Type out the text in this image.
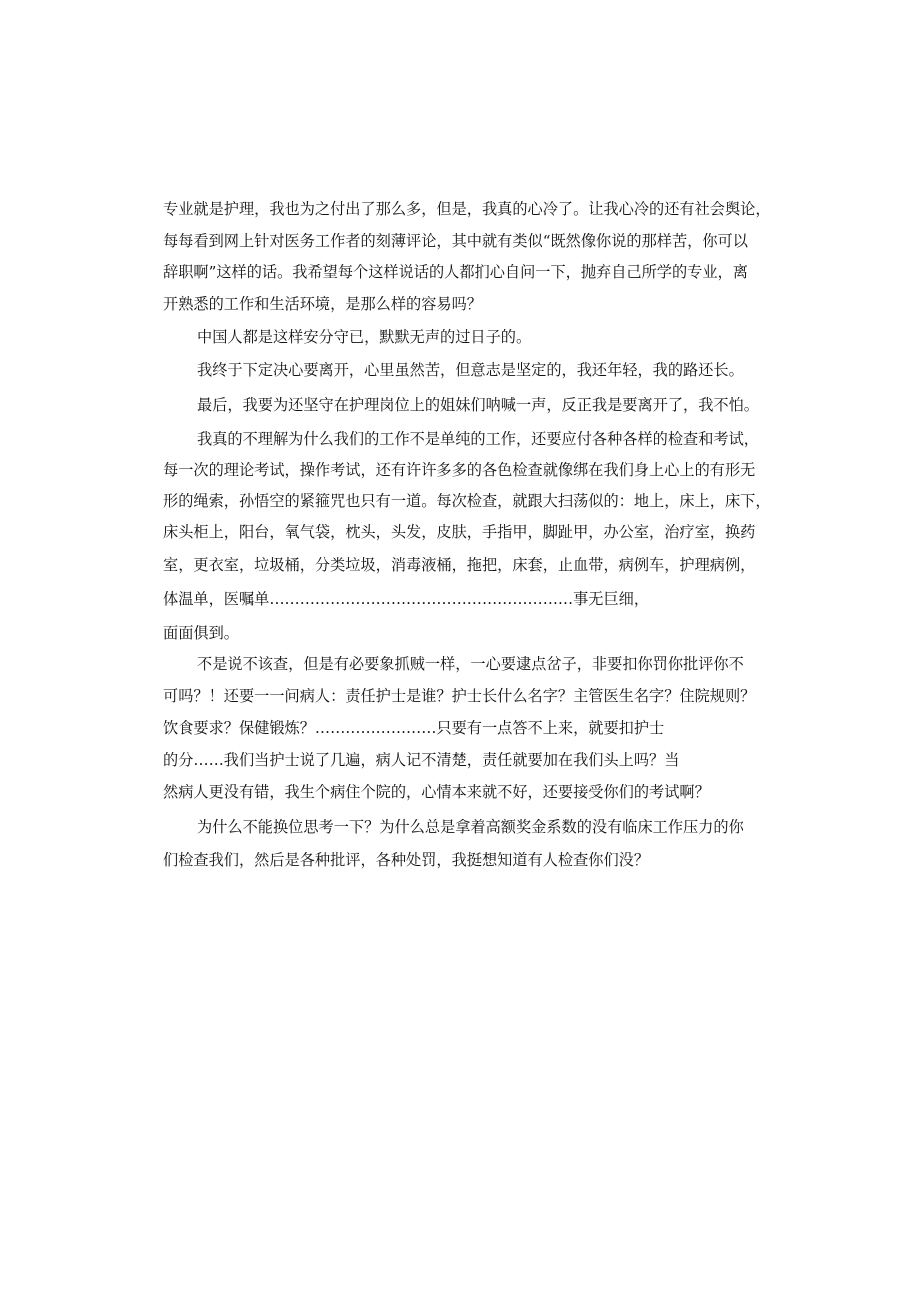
专业就是护理，我也为之付出了那么多，但是，我真的心冷了。让我心冷的还有社会舆论，
每每看到网上针对医务工作者的刻薄评论，其中就有类似“既然像你说的那样苦，你可以
辞职啊”这样的话。我希望每个这样说话的人都扪心自问一下，抛弃自己所学的专业，离
开熟悉的工作和生活环境，是那么样的容易吗？
中国人都是这样安分守已，默默无声的过日子的。
我终于下定决心要离开，心里虽然苦，但意志是坚定的，我还年轻，我的路还长。
最后，我要为还坚守在护理岗位上的姐妹们呐喊一声，反正我是要离开了，我不怕。
我真的不理解为什么我们的工作不是单纯的工作，还要应付各种各样的检查和考试，
每一次的理论考试，操作考试，还有许许多多的各色检查就像绑在我们身上心上的有形无
形的绳索，孙悟空的紧箍咒也只有一道。每次检查，就跟大扫荡似的：地上，床上，床下，
床头柜上，阳台，氧气袋，枕头，头发，皮肤，手指甲，脚趾甲，办公室，治疗室，换药
室，更衣室，垃圾桶，分类垃圾，消毒液桶，拖把，床套，止血带，病例车，护理病例，
体温单，医嘱单……………………………………………………事无巨细，
面面俱到。
不是说不该查，但是有必要象抓贼一样，一心要逮点岔子，非要扣你罚你批评你不
可吗？！还要一一问病人：责任护士是谁？护士长什么名字？主管医生名字？住院规则？
饮食要求？保健锻炼？……………………只要有一点答不上来，就要扣护士
的分……我们当护士说了几遍，病人记不清楚，责任就要加在我们头上吗？当
然病人更没有错，我生个病住个院的，心情本来就不好，还要接受你们的考试啊？
为什么不能换位思考一下？为什么总是拿着高额奖金系数的没有临床工作压力的你
们检查我们，然后是各种批评，各种处罚，我挺想知道有人检查你们没？
